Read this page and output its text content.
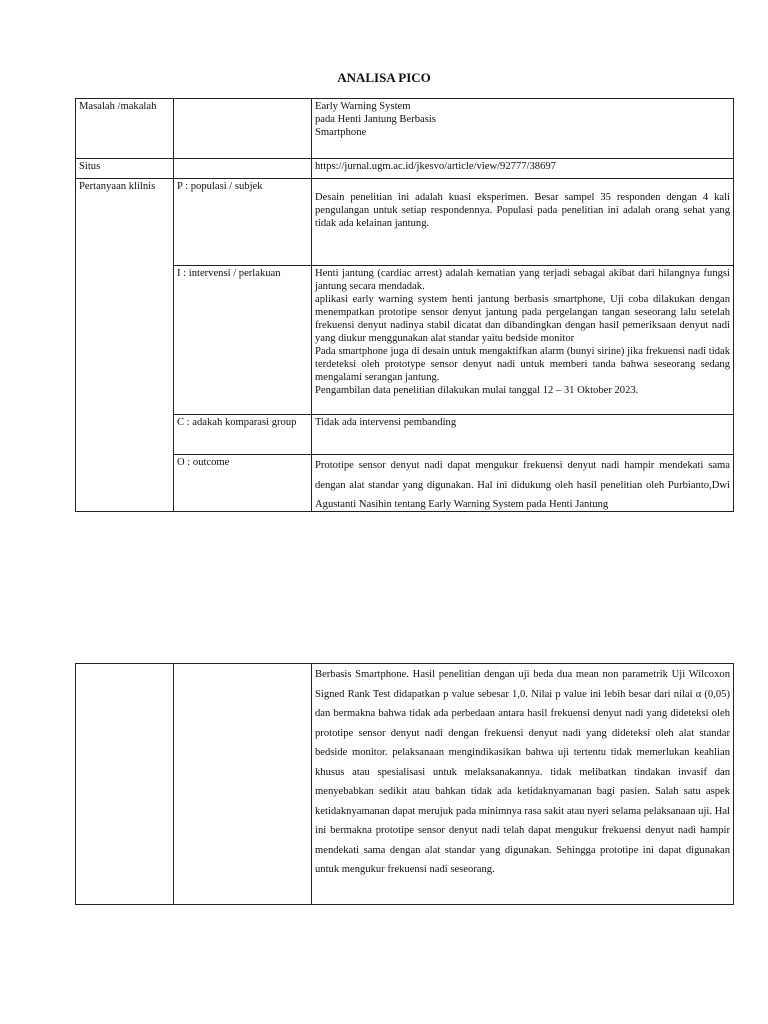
ANALISA PICO
Masalah /makalah		Early Warning System
pada Henti Jantung Berbasis
Smartphone

Situs		https://jurnal.ugm.ac.id/jkesvo/article/view/92777/38697
Pertanyaan klilnis	P : populasi / subjek	Desain penelitian ini adalah kuasi eksperimen. Besar sampel 35 responden dengan 4 kali pengulangan untuk setiap respondennya. Populasi pada penelitian ini adalah orang sehat yang tidak ada kelainan jantung.

	I : intervensi / perlakuan	Henti jantung (cardiac arrest) adalah kematian yang terjadi sebagai akibat dari hilangnya fungsi jantung secara mendadak.
aplikasi early warning system henti jantung berbasis smartphone, Uji coba dilakukan dengan menempatkan prototipe sensor denyut jantung pada pergelangan tangan seseorang lalu setelah frekuensi denyut nadinya stabil dicatat dan dibandingkan dengan hasil pemeriksaan denyut nadi yang diukur menggunakan alat standar yaitu bedside monitor
Pada smartphone juga di desain untuk mengaktifkan alarm (bunyi sirine) jika frekuensi nadi tidak terdeteksi oleh prototype sensor denyut nadi untuk memberi tanda bahwa seseorang sedang mengalami serangan jantung.
Pengambilan data penelitian dilakukan mulai tanggal 12 – 31 Oktober 2023.

	C : adakah komparasi group	Tidak ada intervensi pembanding
	O : outcome	Prototipe sensor denyut nadi dapat mengukur frekuensi denyut nadi hampir mendekati sama dengan alat standar yang digunakan. Hal ini didukung oleh hasil penelitian oleh Purbianto,Dwi Agustanti Nasihin tentang Early Warning System pada Henti Jantung
		Berbasis Smartphone. Hasil penelitian dengan uji beda dua mean non parametrik Uji Wilcoxon Signed Rank Test didapatkan p value sebesar 1,0. Nilai p value ini lebih besar dari nilai α (0,05) dan bermakna bahwa tidak ada perbedaan antara hasil frekuensi denyut nadi yang dideteksi oleh prototipe sensor denyut nadi dengan frekuensi denyut nadi yang dideteksi oleh alat standar bedside monitor. pelaksanaan mengindikasikan bahwa uji tertentu tidak memerlukan keahlian khusus atau spesialisasi untuk melaksanakannya. tidak melibatkan tindakan invasif dan menyebabkan sedikit atau bahkan tidak ada ketidaknyamanan bagi pasien. Salah satu aspek ketidaknyamanan dapat merujuk pada minimnya rasa sakit atau nyeri selama pelaksanaan uji. Hal ini bermakna prototipe sensor denyut nadi telah dapat mengukur frekuensi denyut nadi hampir mendekati sama dengan alat standar yang digunakan. Sehingga prototipe ini dapat digunakan untuk mengukur frekuensi nadi seseorang.
